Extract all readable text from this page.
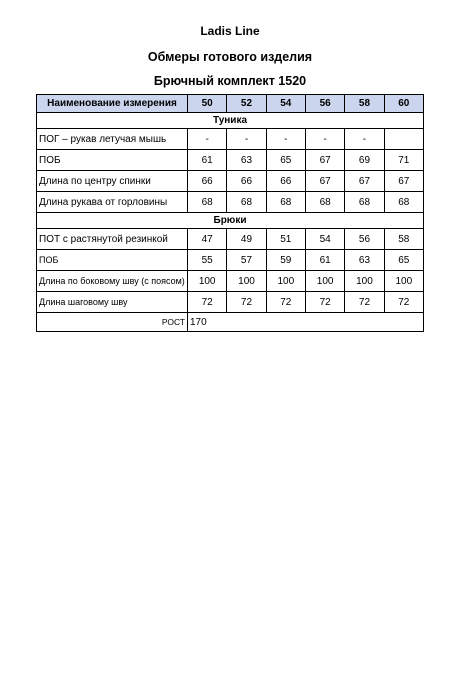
Ladis Line
Обмеры готового изделия
Брючный комплект 1520
Наименование измерения	50	52	54	56	58	60
Туника						
ПОГ – рукав летучая мышь	-	-	-	-	-	
ПОБ	61	63	65	67	69	71
Длина по центру спинки	66	66	66	67	67	67
Длина рукава от горловины	68	68	68	68	68	68
Брюки						
ПОТ с растянутой резинкой	47	49	51	54	56	58
ПОБ	55	57	59	61	63	65
Длина по боковому шву (с поясом)	100	100	100	100	100	100
Длина шаговому шву	72	72	72	72	72	72
РОСТ	170					
